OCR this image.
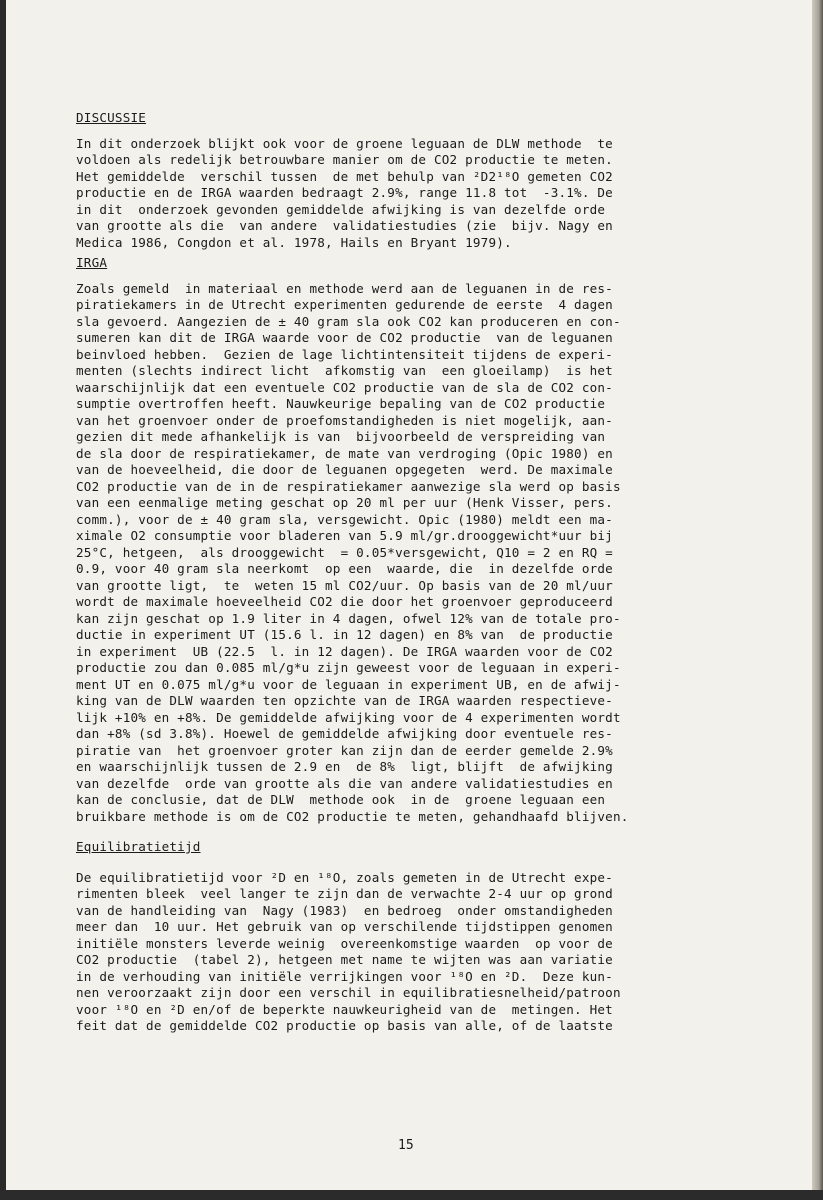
DISCUSSIE
In dit onderzoek blijkt ook voor de groene leguaan de DLW methode  te
voldoen als redelijk betrouwbare manier om de CO2 productie te meten.
Het gemiddelde  verschil tussen  de met behulp van ²D2¹⁸O gemeten CO2
productie en de IRGA waarden bedraagt 2.9%, range 11.8 tot  -3.1%. De
in dit  onderzoek gevonden gemiddelde afwijking is van dezelfde orde
van grootte als die  van andere  validatiestudies (zie  bijv. Nagy en
Medica 1986, Congdon et al. 1978, Hails en Bryant 1979).
IRGA
Zoals gemeld  in materiaal en methode werd aan de leguanen in de res-
piratiekamers in de Utrecht experimenten gedurende de eerste  4 dagen
sla gevoerd. Aangezien de ± 40 gram sla ook CO2 kan produceren en con-
sumeren kan dit de IRGA waarde voor de CO2 productie  van de leguanen
beinvloed hebben.  Gezien de lage lichtintensiteit tijdens de experi-
menten (slechts indirect licht  afkomstig van  een gloeilamp)  is het
waarschijnlijk dat een eventuele CO2 productie van de sla de CO2 con-
sumptie overtroffen heeft. Nauwkeurige bepaling van de CO2 productie
van het groenvoer onder de proefomstandigheden is niet mogelijk, aan-
gezien dit mede afhankelijk is van  bijvoorbeeld de verspreiding van
de sla door de respiratiekamer, de mate van verdroging (Opic 1980) en
van de hoeveelheid, die door de leguanen opgegeten  werd. De maximale
CO2 productie van de in de respiratiekamer aanwezige sla werd op basis
van een eenmalige meting geschat op 20 ml per uur (Henk Visser, pers.
comm.), voor de ± 40 gram sla, versgewicht. Opic (1980) meldt een ma-
ximale O2 consumptie voor bladeren van 5.9 ml/gr.drooggewicht*uur bij
25°C, hetgeen,  als drooggewicht  = 0.05*versgewicht, Q10 = 2 en RQ =
0.9, voor 40 gram sla neerkomt  op een  waarde, die  in dezelfde orde
van grootte ligt,  te  weten 15 ml CO2/uur. Op basis van de 20 ml/uur
wordt de maximale hoeveelheid CO2 die door het groenvoer geproduceerd
kan zijn geschat op 1.9 liter in 4 dagen, ofwel 12% van de totale pro-
ductie in experiment UT (15.6 l. in 12 dagen) en 8% van  de productie
in experiment  UB (22.5  l. in 12 dagen). De IRGA waarden voor de CO2
productie zou dan 0.085 ml/g*u zijn geweest voor de leguaan in experi-
ment UT en 0.075 ml/g*u voor de leguaan in experiment UB, en de afwij-
king van de DLW waarden ten opzichte van de IRGA waarden respectieve-
lijk +10% en +8%. De gemiddelde afwijking voor de 4 experimenten wordt
dan +8% (sd 3.8%). Hoewel de gemiddelde afwijking door eventuele res-
piratie van  het groenvoer groter kan zijn dan de eerder gemelde 2.9%
en waarschijnlijk tussen de 2.9 en  de 8%  ligt, blijft  de afwijking
van dezelfde  orde van grootte als die van andere validatiestudies en
kan de conclusie, dat de DLW  methode ook  in de  groene leguaan een
bruikbare methode is om de CO2 productie te meten, gehandhaafd blijven.
Equilibratietijd
De equilibratietijd voor ²D en ¹⁸O, zoals gemeten in de Utrecht expe-
rimenten bleek  veel langer te zijn dan de verwachte 2-4 uur op grond
van de handleiding van  Nagy (1983)  en bedroeg  onder omstandigheden
meer dan  10 uur. Het gebruik van op verschilende tijdstippen genomen
initiële monsters leverde weinig  overeenkomstige waarden  op voor de
CO2 productie  (tabel 2), hetgeen met name te wijten was aan variatie
in de verhouding van initiële verrijkingen voor ¹⁸O en ²D.  Deze kun-
nen veroorzaakt zijn door een verschil in equilibratiesnelheid/patroon
voor ¹⁸O en ²D en/of de beperkte nauwkeurigheid van de  metingen. Het
feit dat de gemiddelde CO2 productie op basis van alle, of de laatste
15
